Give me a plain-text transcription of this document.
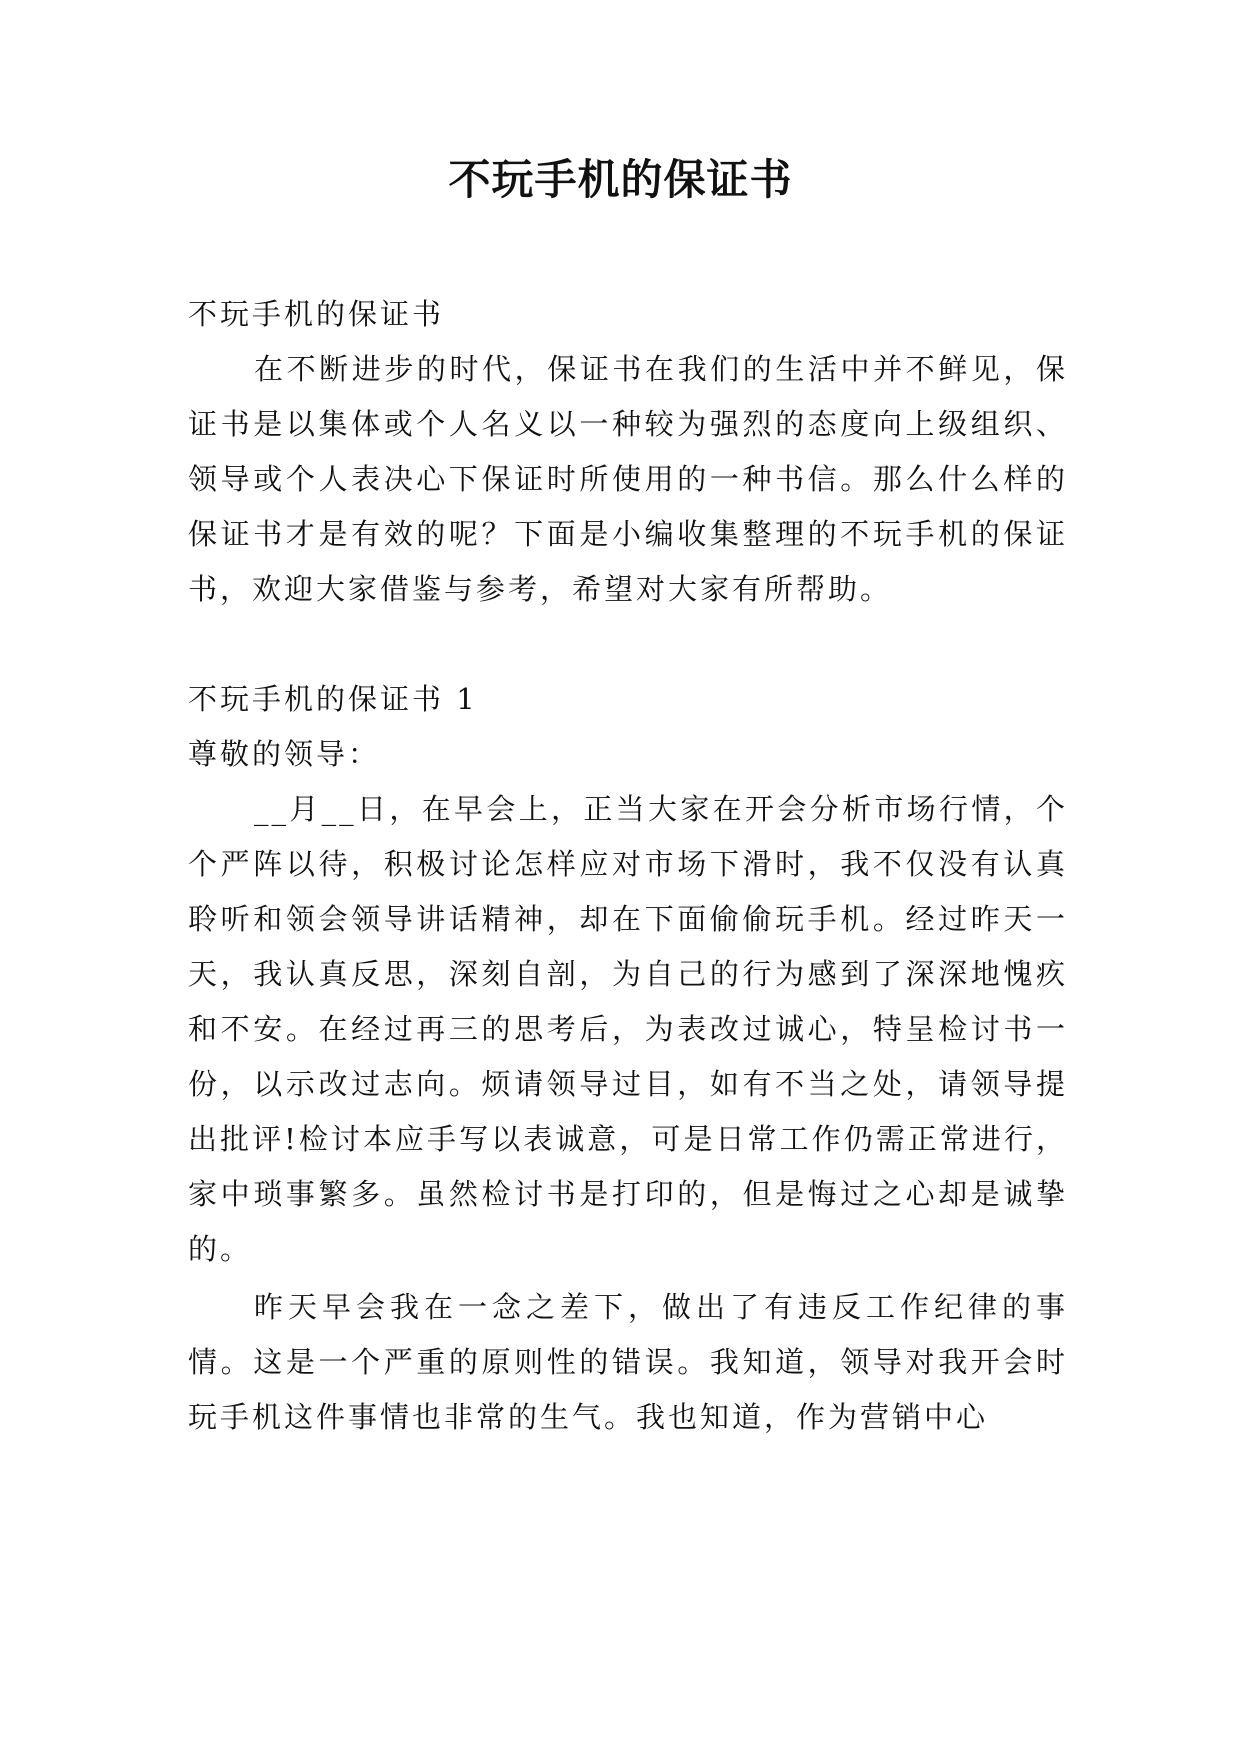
不玩手机的保证书

不玩手机的保证书

在不断进步的时代，保证书在我们的生活中并不鲜见，保证书是以集体或个人名义以一种较为强烈的态度向上级组织、领导或个人表决心下保证时所使用的一种书信。那么什么样的保证书才是有效的呢？下面是小编收集整理的不玩手机的保证书，欢迎大家借鉴与参考，希望对大家有所帮助。

不玩手机的保证书 1

尊敬的领导：

__月__日，在早会上，正当大家在开会分析市场行情，个个严阵以待，积极讨论怎样应对市场下滑时，我不仅没有认真聆听和领会领导讲话精神，却在下面偷偷玩手机。经过昨天一天，我认真反思，深刻自剖，为自己的行为感到了深深地愧疚和不安。在经过再三的思考后，为表改过诚心，特呈检讨书一份，以示改过志向。烦请领导过目，如有不当之处，请领导提出批评!检讨本应手写以表诚意，可是日常工作仍需正常进行，家中琐事繁多。虽然检讨书是打印的，但是悔过之心却是诚挚的。

昨天早会我在一念之差下，做出了有违反工作纪律的事情。这是一个严重的原则性的错误。我知道，领导对我开会时玩手机这件事情也非常的生气。我也知道，作为营销中心
